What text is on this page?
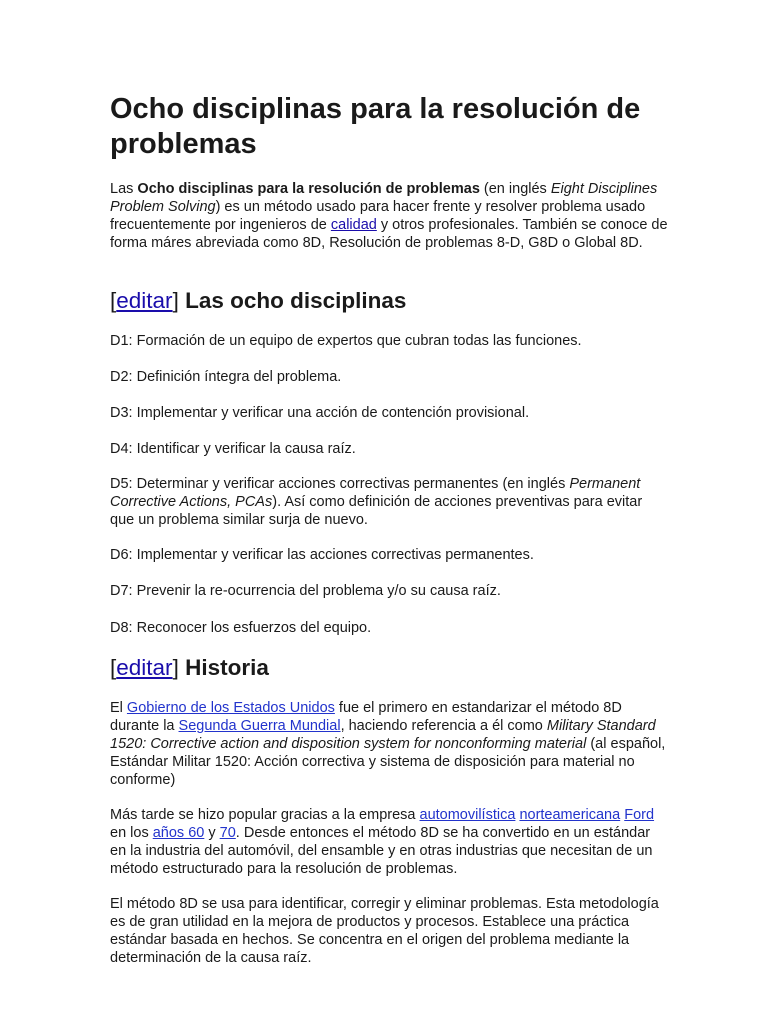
Ocho disciplinas para la resolución de problemas

Las Ocho disciplinas para la resolución de problemas (en inglés Eight Disciplines Problem Solving) es un método usado para hacer frente y resolver problema usado frecuentemente por ingenieros de calidad y otros profesionales. También se conoce de forma máres abreviada como 8D, Resolución de problemas 8-D, G8D o Global 8D.

[editar] Las ocho disciplinas

D1: Formación de un equipo de expertos que cubran todas las funciones.

D2: Definición íntegra del problema.

D3: Implementar y verificar una acción de contención provisional.

D4: Identificar y verificar la causa raíz.

D5: Determinar y verificar acciones correctivas permanentes (en inglés Permanent Corrective Actions, PCAs). Así como definición de acciones preventivas para evitar que un problema similar surja de nuevo.

D6: Implementar y verificar las acciones correctivas permanentes.

D7: Prevenir la re-ocurrencia del problema y/o su causa raíz.

D8: Reconocer los esfuerzos del equipo.

[editar] Historia

El Gobierno de los Estados Unidos fue el primero en estandarizar el método 8D durante la Segunda Guerra Mundial, haciendo referencia a él como Military Standard 1520: Corrective action and disposition system for nonconforming material (al español, Estándar Militar 1520: Acción correctiva y sistema de disposición para material no conforme)

Más tarde se hizo popular gracias a la empresa automovilística norteamericana Ford en los años 60 y 70. Desde entonces el método 8D se ha convertido en un estándar en la industria del automóvil, del ensamble y en otras industrias que necesitan de un método estructurado para la resolución de problemas.

El método 8D se usa para identificar, corregir y eliminar problemas. Esta metodología es de gran utilidad en la mejora de productos y procesos. Establece una práctica estándar basada en hechos. Se concentra en el origen del problema mediante la determinación de la causa raíz.
